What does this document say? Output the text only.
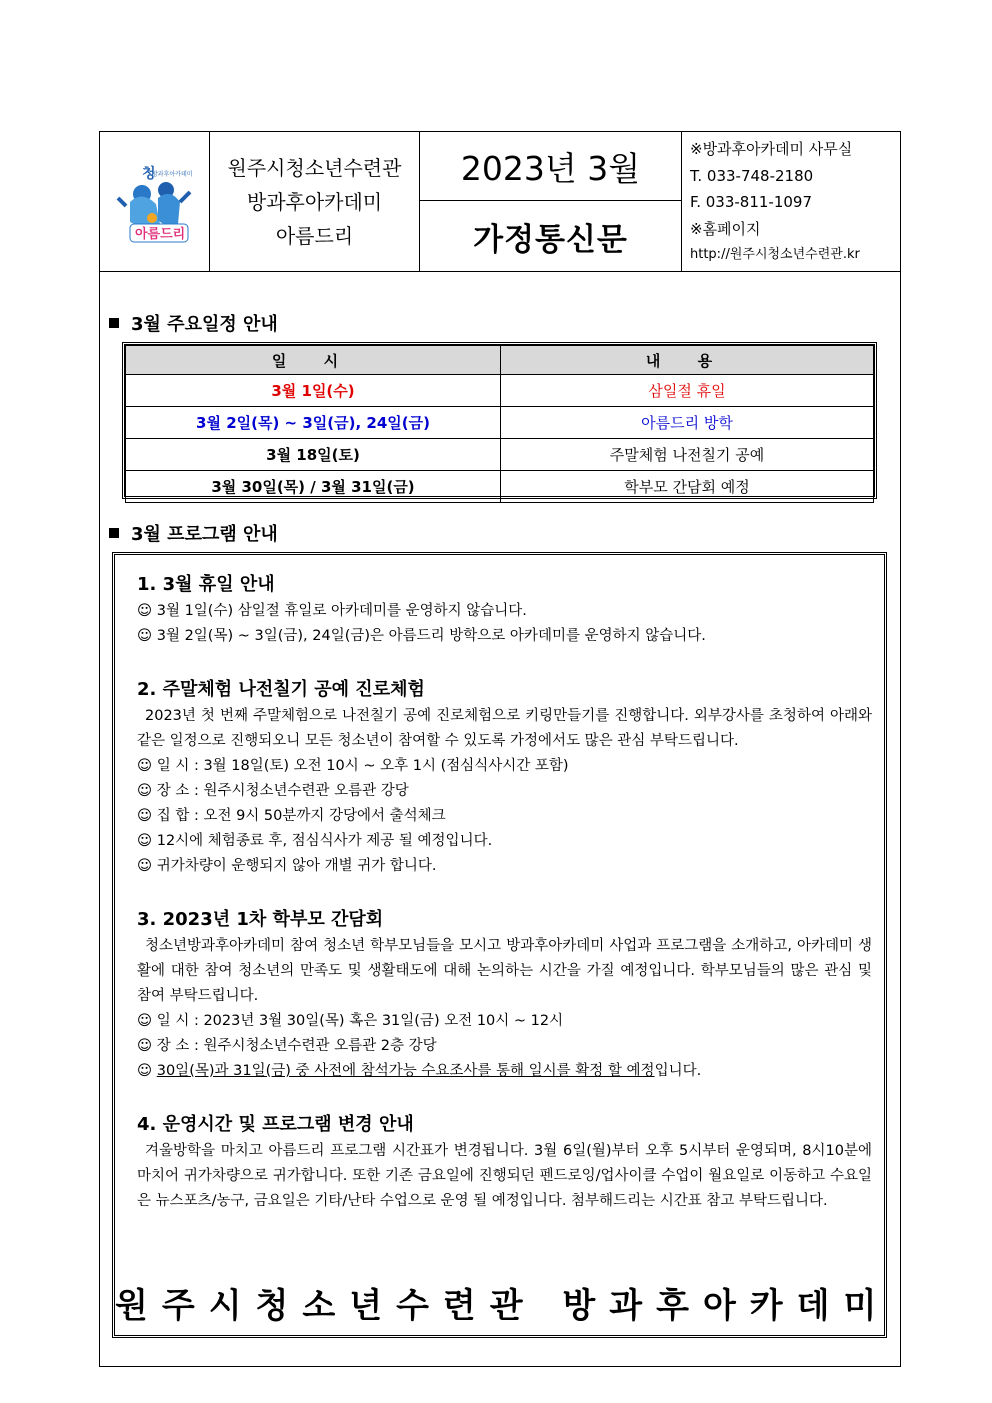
청
방과후아카데미
아름드리
원주시청소년수련관
방과후아카데미
아름드리
2023년 3월
가정통신문
※방과후아카데미 사무실
T. 033-748-2180
F. 033-811-1097
※홈페이지
http://원주시청소년수련관.kr
3월 주요일정 안내
일 시	내 용
3월 1일(수)	삼일절 휴일
3월 2일(목) ~ 3일(금), 24일(금)	아름드리 방학
3월 18일(토)	주말체험 나전칠기 공예
3월 30일(목) / 3월 31일(금)	학부모 간담회 예정
3월 프로그램 안내
1. 3월 휴일 안내

☺ 3월 1일(수) 삼일절 휴일로 아카데미를 운영하지 않습니다.

☺ 3월 2일(목) ~ 3일(금), 24일(금)은 아름드리 방학으로 아카데미를 운영하지 않습니다.

2. 주말체험 나전칠기 공예 진로체험

2023년 첫 번째 주말체험으로 나전칠기 공예 진로체험으로 키링만들기를 진행합니다. 외부강사를 초청하여 아래와 같은 일정으로 진행되오니 모든 청소년이 참여할 수 있도록 가정에서도 많은 관심 부탁드립니다.

☺ 일 시 : 3월 18일(토) 오전 10시 ~ 오후 1시 (점심식사시간 포함)

☺ 장 소 : 원주시청소년수련관 오름관 강당

☺ 집 합 : 오전 9시 50분까지 강당에서 출석체크

☺ 12시에 체험종료 후, 점심식사가 제공 될 예정입니다.

☺ 귀가차량이 운행되지 않아 개별 귀가 합니다.

3. 2023년 1차 학부모 간담회

청소년방과후아카데미 참여 청소년 학부모님들을 모시고 방과후아카데미 사업과 프로그램을 소개하고, 아카데미 생활에 대한 참여 청소년의 만족도 및 생활태도에 대해 논의하는 시간을 가질 예정입니다. 학부모님들의 많은 관심 및 참여 부탁드립니다.

☺ 일 시 : 2023년 3월 30일(목) 혹은 31일(금) 오전 10시 ~ 12시

☺ 장 소 : 원주시청소년수련관 오름관 2층 강당

☺ 30일(목)과 31일(금) 중 사전에 참석가능 수요조사를 통해 일시를 확정 할 예정입니다.

4. 운영시간 및 프로그램 변경 안내

겨울방학을 마치고 아름드리 프로그램 시간표가 변경됩니다. 3월 6일(월)부터 오후 5시부터 운영되며, 8시10분에 마치어 귀가차량으로 귀가합니다. 또한 기존 금요일에 진행되던 펜드로잉/업사이클 수업이 월요일로 이동하고 수요일은 뉴스포츠/농구, 금요일은 기타/난타 수업으로 운영 될 예정입니다. 첨부해드리는 시간표 참고 부탁드립니다.

원주시청소년수련관 방과후아카데미
